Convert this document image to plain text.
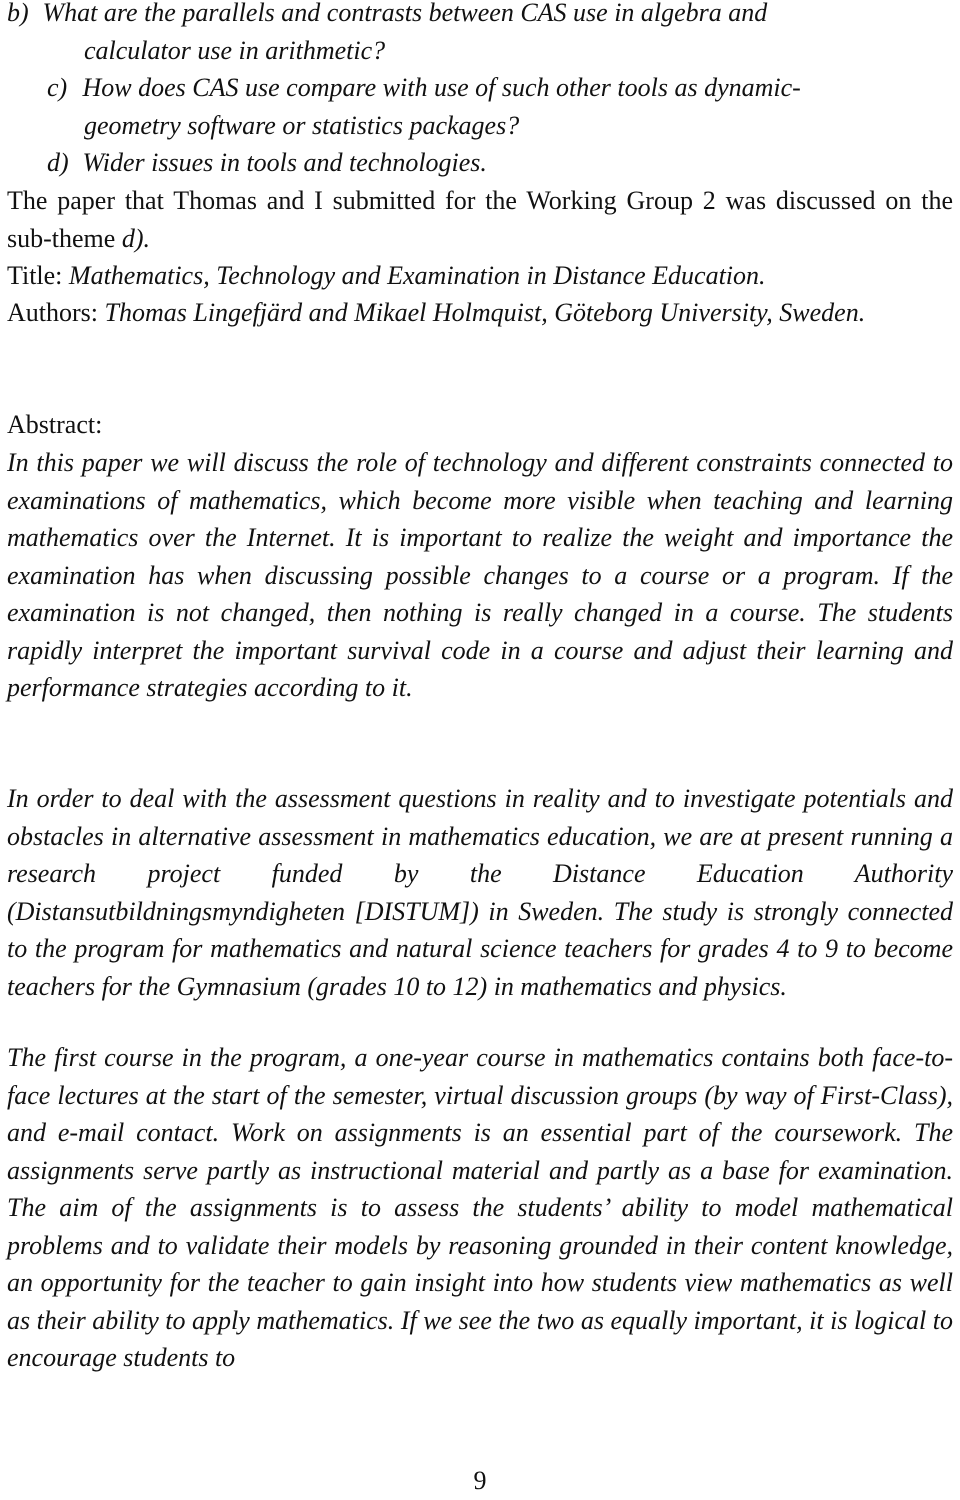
b) What are the parallels and contrasts between CAS use in algebra and
calculator use in arithmetic?
c) How does CAS use compare with use of such other tools as dynamic-
geometry software or statistics packages?
d) Wider issues in tools and technologies.
The paper that Thomas and I submitted for the Working Group 2 was discussed on the sub-theme d).
Title: Mathematics, Technology and Examination in Distance Education.
Authors: Thomas Lingefjärd and Mikael Holmquist, Göteborg University, Sweden.
Abstract:
In this paper we will discuss the role of technology and different constraints connected to examinations of mathematics, which become more visible when teaching and learning mathematics over the Internet. It is important to realize the weight and importance the examination has when discussing possible changes to a course or a program. If the examination is not changed, then nothing is really changed in a course. The students rapidly interpret the important survival code in a course and adjust their learning and performance strategies according to it.
In order to deal with the assessment questions in reality and to investigate potentials and obstacles in alternative assessment in mathematics education, we are at present running a research project funded by the Distance Education Authority (Distansutbildningsmyndigheten [DISTUM]) in Sweden. The study is strongly connected to the program for mathematics and natural science teachers for grades 4 to 9 to become teachers for the Gymnasium (grades 10 to 12) in mathematics and physics.
The first course in the program, a one-year course in mathematics contains both face-to-face lectures at the start of the semester, virtual discussion groups (by way of First-Class), and e-mail contact. Work on assignments is an essential part of the coursework. The assignments serve partly as instructional material and partly as a base for examination. The aim of the assignments is to assess the students’ ability to model mathematical problems and to validate their models by reasoning grounded in their content knowledge, an opportunity for the teacher to gain insight into how students view mathematics as well as their ability to apply mathematics. If we see the two as equally important, it is logical to encourage students to
9
